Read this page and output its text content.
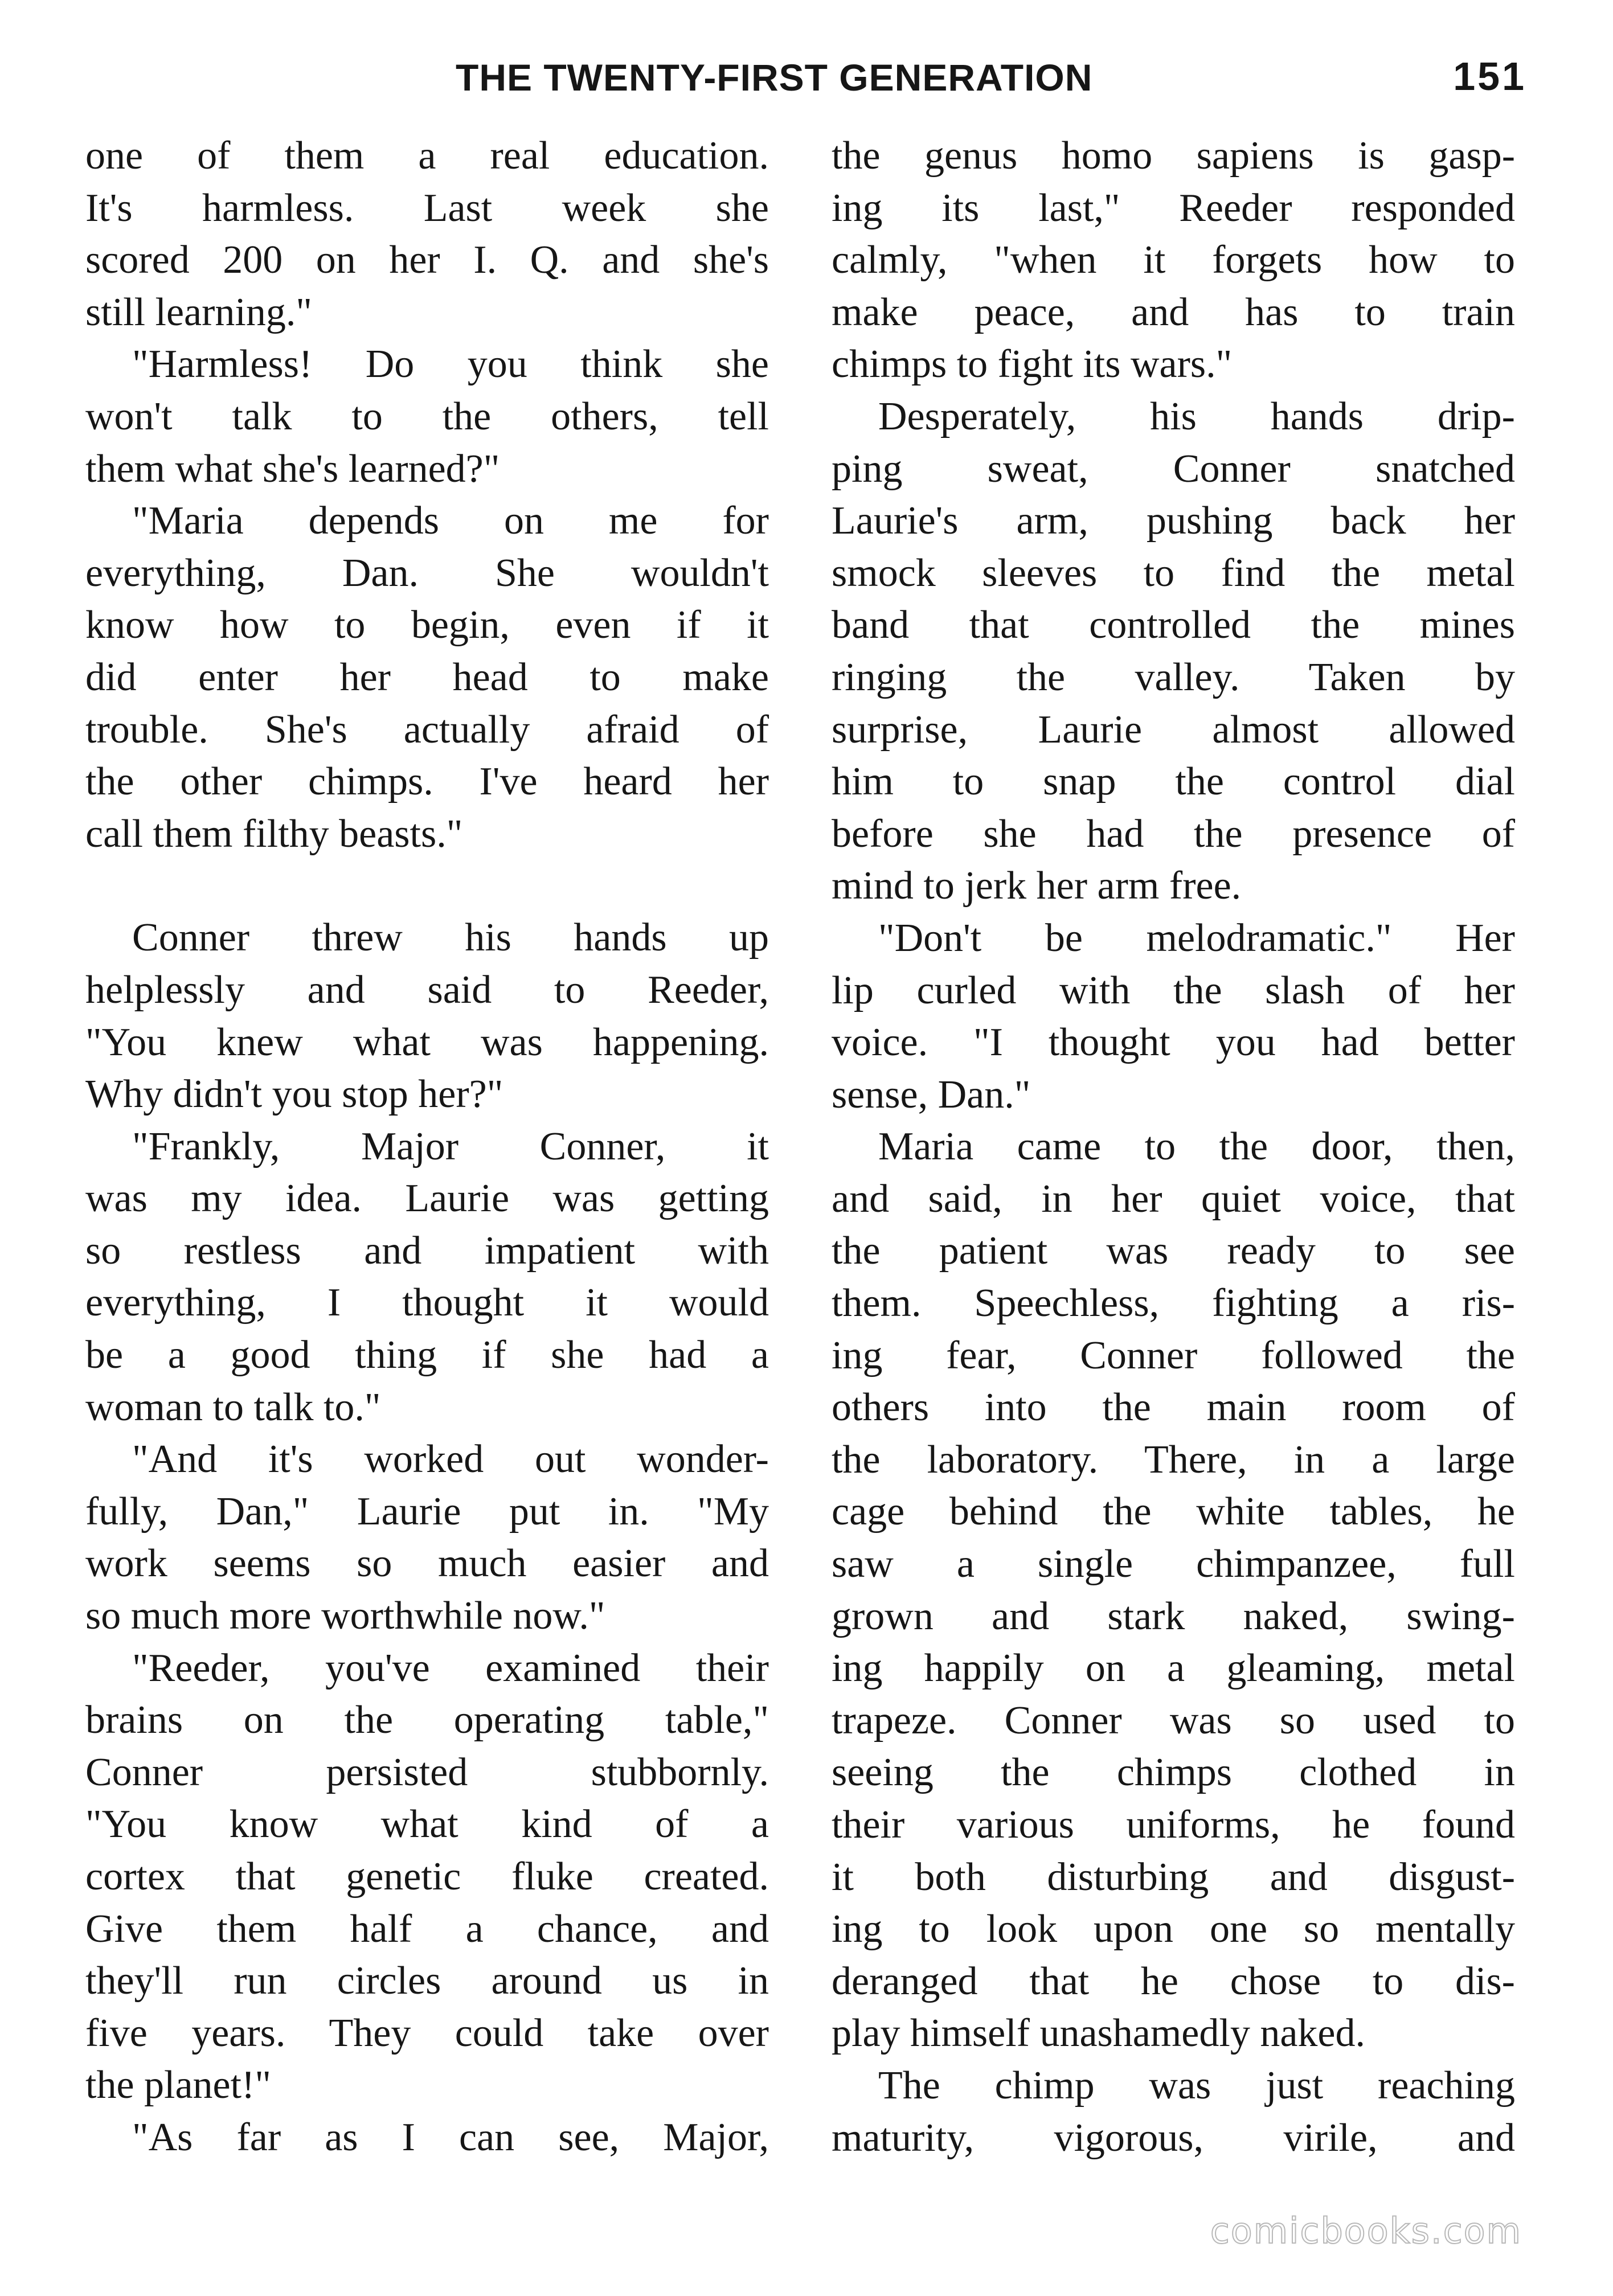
THE TWENTY-FIRST GENERATION	151

one of them a real education.
It's harmless. Last week she
scored 200 on her I. Q. and she's
still learning."

"Harmless! Do you think she
won't talk to the others, tell
them what she's learned?"

"Maria depends on me for
everything, Dan. She wouldn't
know how to begin, even if it
did enter her head to make
trouble. She's actually afraid of
the other chimps. I've heard her
call them filthy beasts."

Conner threw his hands up
helplessly and said to Reeder,
"You knew what was happening.
Why didn't you stop her?"

"Frankly, Major Conner, it
was my idea. Laurie was getting
so restless and impatient with
everything, I thought it would
be a good thing if she had a
woman to talk to."

"And it's worked out wonder-
fully, Dan," Laurie put in. "My
work seems so much easier and
so much more worthwhile now."

"Reeder, you've examined their
brains on the operating table,"
Conner persisted stubbornly.
"You know what kind of a
cortex that genetic fluke created.
Give them half a chance, and
they'll run circles around us in
five years. They could take over
the planet!"

"As far as I can see, Major,

the genus homo sapiens is gasp-
ing its last," Reeder responded
calmly, "when it forgets how to
make peace, and has to train
chimps to fight its wars."

Desperately, his hands drip-
ping sweat, Conner snatched
Laurie's arm, pushing back her
smock sleeves to find the metal
band that controlled the mines
ringing the valley. Taken by
surprise, Laurie almost allowed
him to snap the control dial
before she had the presence of
mind to jerk her arm free.

"Don't be melodramatic." Her
lip curled with the slash of her
voice. "I thought you had better
sense, Dan."

Maria came to the door, then,
and said, in her quiet voice, that
the patient was ready to see
them. Speechless, fighting a ris-
ing fear, Conner followed the
others into the main room of
the laboratory. There, in a large
cage behind the white tables, he
saw a single chimpanzee, full
grown and stark naked, swing-
ing happily on a gleaming, metal
trapeze. Conner was so used to
seeing the chimps clothed in
their various uniforms, he found
it both disturbing and disgust-
ing to look upon one so mentally
deranged that he chose to dis-
play himself unashamedly naked.

The chimp was just reaching
maturity, vigorous, virile, and

comicbooks.com
